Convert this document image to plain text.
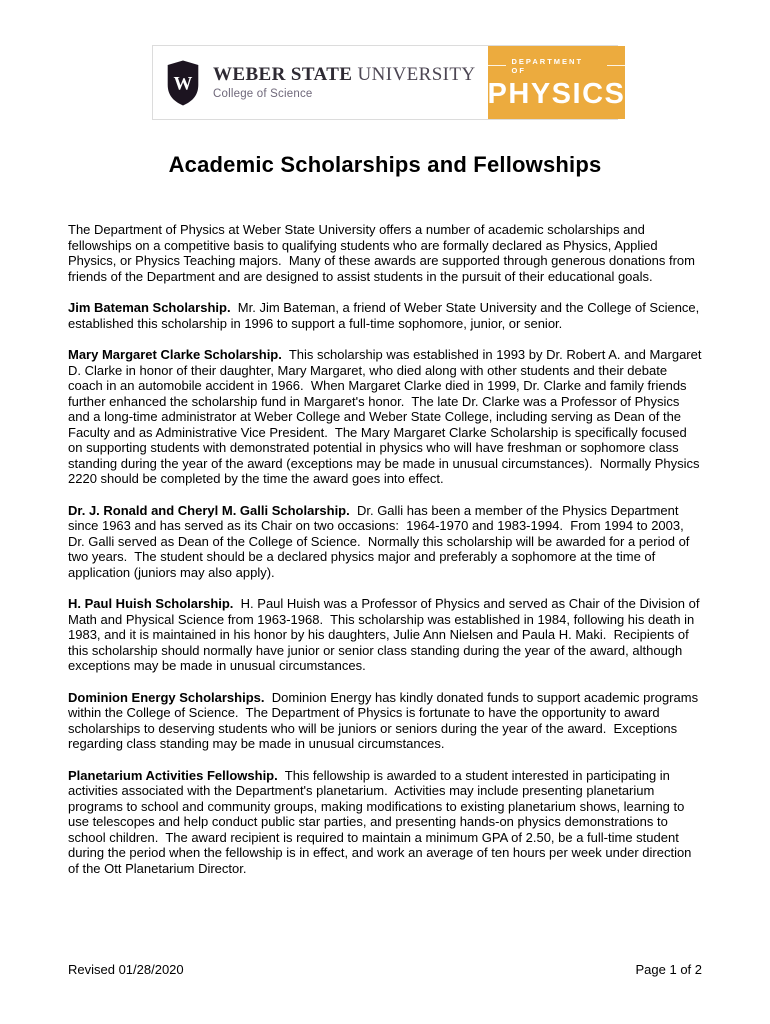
W WEBER STATE UNIVERSITY
College of Science
DEPARTMENT OF
PHYSICS
Academic Scholarships and Fellowships

The Department of Physics at Weber State University offers a number of academic scholarships and fellowships on a competitive basis to qualifying students who are formally declared as Physics, Applied Physics, or Physics Teaching majors.  Many of these awards are supported through generous donations from friends of the Department and are designed to assist students in the pursuit of their educational goals.

Jim Bateman Scholarship. Mr. Jim Bateman, a friend of Weber State University and the College of Science, established this scholarship in 1996 to support a full-time sophomore, junior, or senior.

Mary Margaret Clarke Scholarship. This scholarship was established in 1993 by Dr. Robert A. and Margaret D. Clarke in honor of their daughter, Mary Margaret, who died along with other students and their debate coach in an automobile accident in 1966.  When Margaret Clarke died in 1999, Dr. Clarke and family friends further enhanced the scholarship fund in Margaret's honor.  The late Dr. Clarke was a Professor of Physics and a long-time administrator at Weber College and Weber State College, including serving as Dean of the Faculty and as Administrative Vice President.  The Mary Margaret Clarke Scholarship is specifically focused on supporting students with demonstrated potential in physics who will have freshman or sophomore class standing during the year of the award (exceptions may be made in unusual circumstances).  Normally Physics 2220 should be completed by the time the award goes into effect.

Dr. J. Ronald and Cheryl M. Galli Scholarship. Dr. Galli has been a member of the Physics Department since 1963 and has served as its Chair on two occasions:  1964-1970 and 1983-1994.  From 1994 to 2003, Dr. Galli served as Dean of the College of Science.  Normally this scholarship will be awarded for a period of two years.  The student should be a declared physics major and preferably a sophomore at the time of application (juniors may also apply).

H. Paul Huish Scholarship. H. Paul Huish was a Professor of Physics and served as Chair of the Division of Math and Physical Science from 1963-1968.  This scholarship was established in 1984, following his death in 1983, and it is maintained in his honor by his daughters, Julie Ann Nielsen and Paula H. Maki.  Recipients of this scholarship should normally have junior or senior class standing during the year of the award, although exceptions may be made in unusual circumstances.

Dominion Energy Scholarships. Dominion Energy has kindly donated funds to support academic programs within the College of Science.  The Department of Physics is fortunate to have the opportunity to award scholarships to deserving students who will be juniors or seniors during the year of the award.  Exceptions regarding class standing may be made in unusual circumstances.

Planetarium Activities Fellowship. This fellowship is awarded to a student interested in participating in activities associated with the Department's planetarium.  Activities may include presenting planetarium programs to school and community groups, making modifications to existing planetarium shows, learning to use telescopes and help conduct public star parties, and presenting hands-on physics demonstrations to school children.  The award recipient is required to maintain a minimum GPA of 2.50, be a full-time student during the period when the fellowship is in effect, and work an average of ten hours per week under direction of the Ott Planetarium Director.

Revised 01/28/2020	Page 1 of 2
